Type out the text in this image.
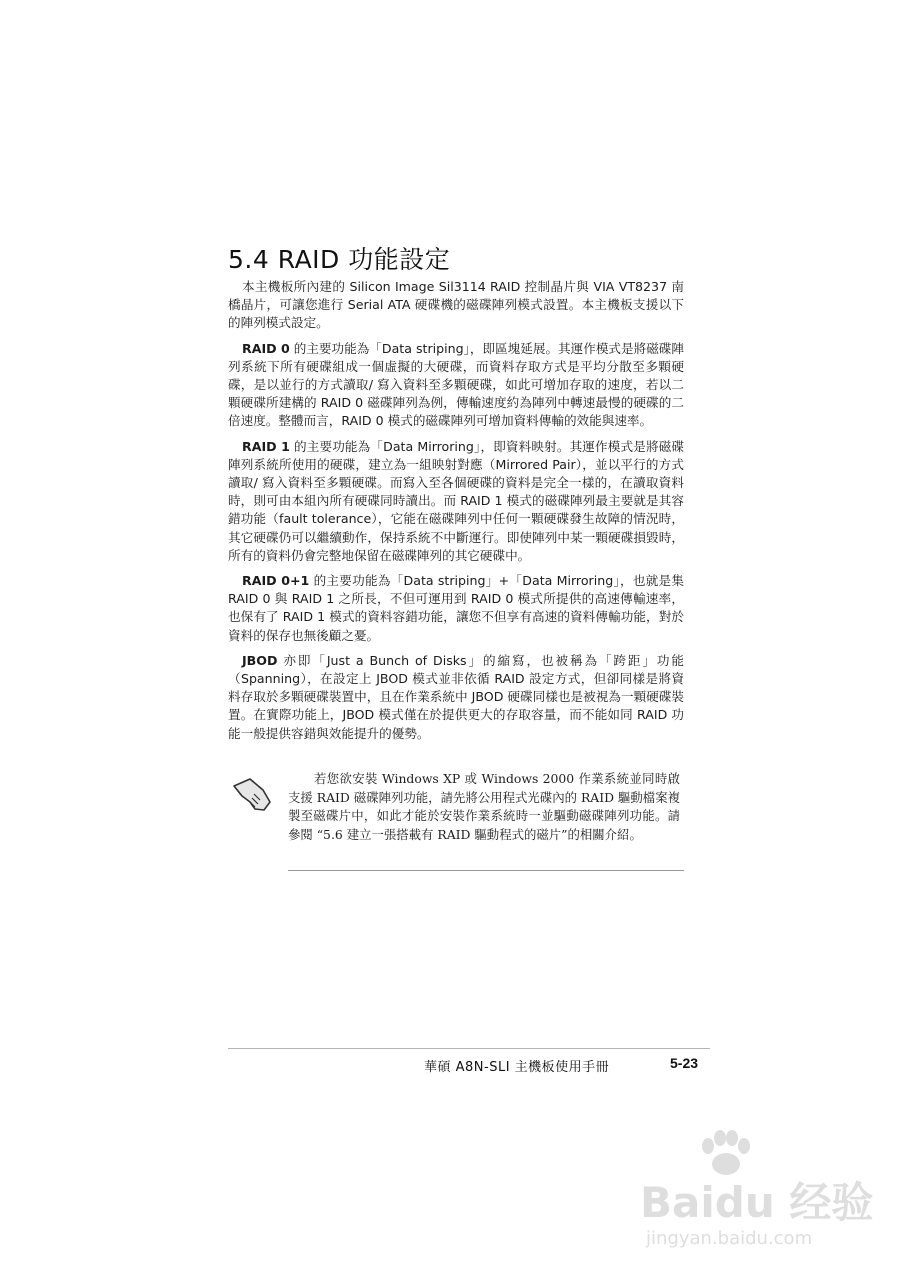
5.4 RAID 功能設定

本主機板所內建的 Silicon Image Sil3114 RAID 控制晶片與 VIA VT8237 南橋晶片，可讓您進行 Serial ATA 硬碟機的磁碟陣列模式設置。本主機板支援以下的陣列模式設定。

RAID 0 的主要功能為「Data striping」，即區塊延展。其運作模式是將磁碟陣列系統下所有硬碟組成一個虛擬的大硬碟，而資料存取方式是平均分散至多顆硬碟，是以並行的方式讀取/ 寫入資料至多顆硬碟，如此可增加存取的速度，若以二顆硬碟所建構的 RAID 0 磁碟陣列為例，傳輸速度約為陣列中轉速最慢的硬碟的二倍速度。整體而言，RAID 0 模式的磁碟陣列可增加資料傳輸的效能與速率。

RAID 1 的主要功能為「Data Mirroring」，即資料映射。其運作模式是將磁碟陣列系統所使用的硬碟，建立為一組映射對應（Mirrored Pair），並以平行的方式讀取/ 寫入資料至多顆硬碟。而寫入至各個硬碟的資料是完全一樣的，在讀取資料時，則可由本組內所有硬碟同時讀出。而 RAID 1 模式的磁碟陣列最主要就是其容錯功能（fault tolerance），它能在磁碟陣列中任何一顆硬碟發生故障的情況時，其它硬碟仍可以繼續動作，保持系統不中斷運行。即使陣列中某一顆硬碟損毀時，所有的資料仍會完整地保留在磁碟陣列的其它硬碟中。

RAID 0+1 的主要功能為「Data striping」+「Data Mirroring」，也就是集 RAID 0 與 RAID 1 之所長，不但可運用到 RAID 0 模式所提供的高速傳輸速率，也保有了 RAID 1 模式的資料容錯功能，讓您不但享有高速的資料傳輸功能，對於資料的保存也無後顧之憂。

JBOD 亦即「Just a Bunch of Disks」的縮寫，也被稱為「跨距」功能（Spanning），在設定上 JBOD 模式並非依循 RAID 設定方式，但卻同樣是將資料存取於多顆硬碟裝置中，且在作業系統中 JBOD 硬碟同樣也是被視為一顆硬碟裝置。在實際功能上，JBOD 模式僅在於提供更大的存取容量，而不能如同 RAID 功能一般提供容錯與效能提升的優勢。

若您欲安裝 Windows XP 或 Windows 2000 作業系統並同時啟支援 RAID 磁碟陣列功能，請先將公用程式光碟內的 RAID 驅動檔案複製至磁碟片中，如此才能於安裝作業系統時一並驅動磁碟陣列功能。請參閱 “5.6 建立一張搭載有 RAID 驅動程式的磁片”的相關介紹。
華碩 A8N-SLI 主機板使用手冊	5-23
Baidu 经验
jingyan.baidu.com
